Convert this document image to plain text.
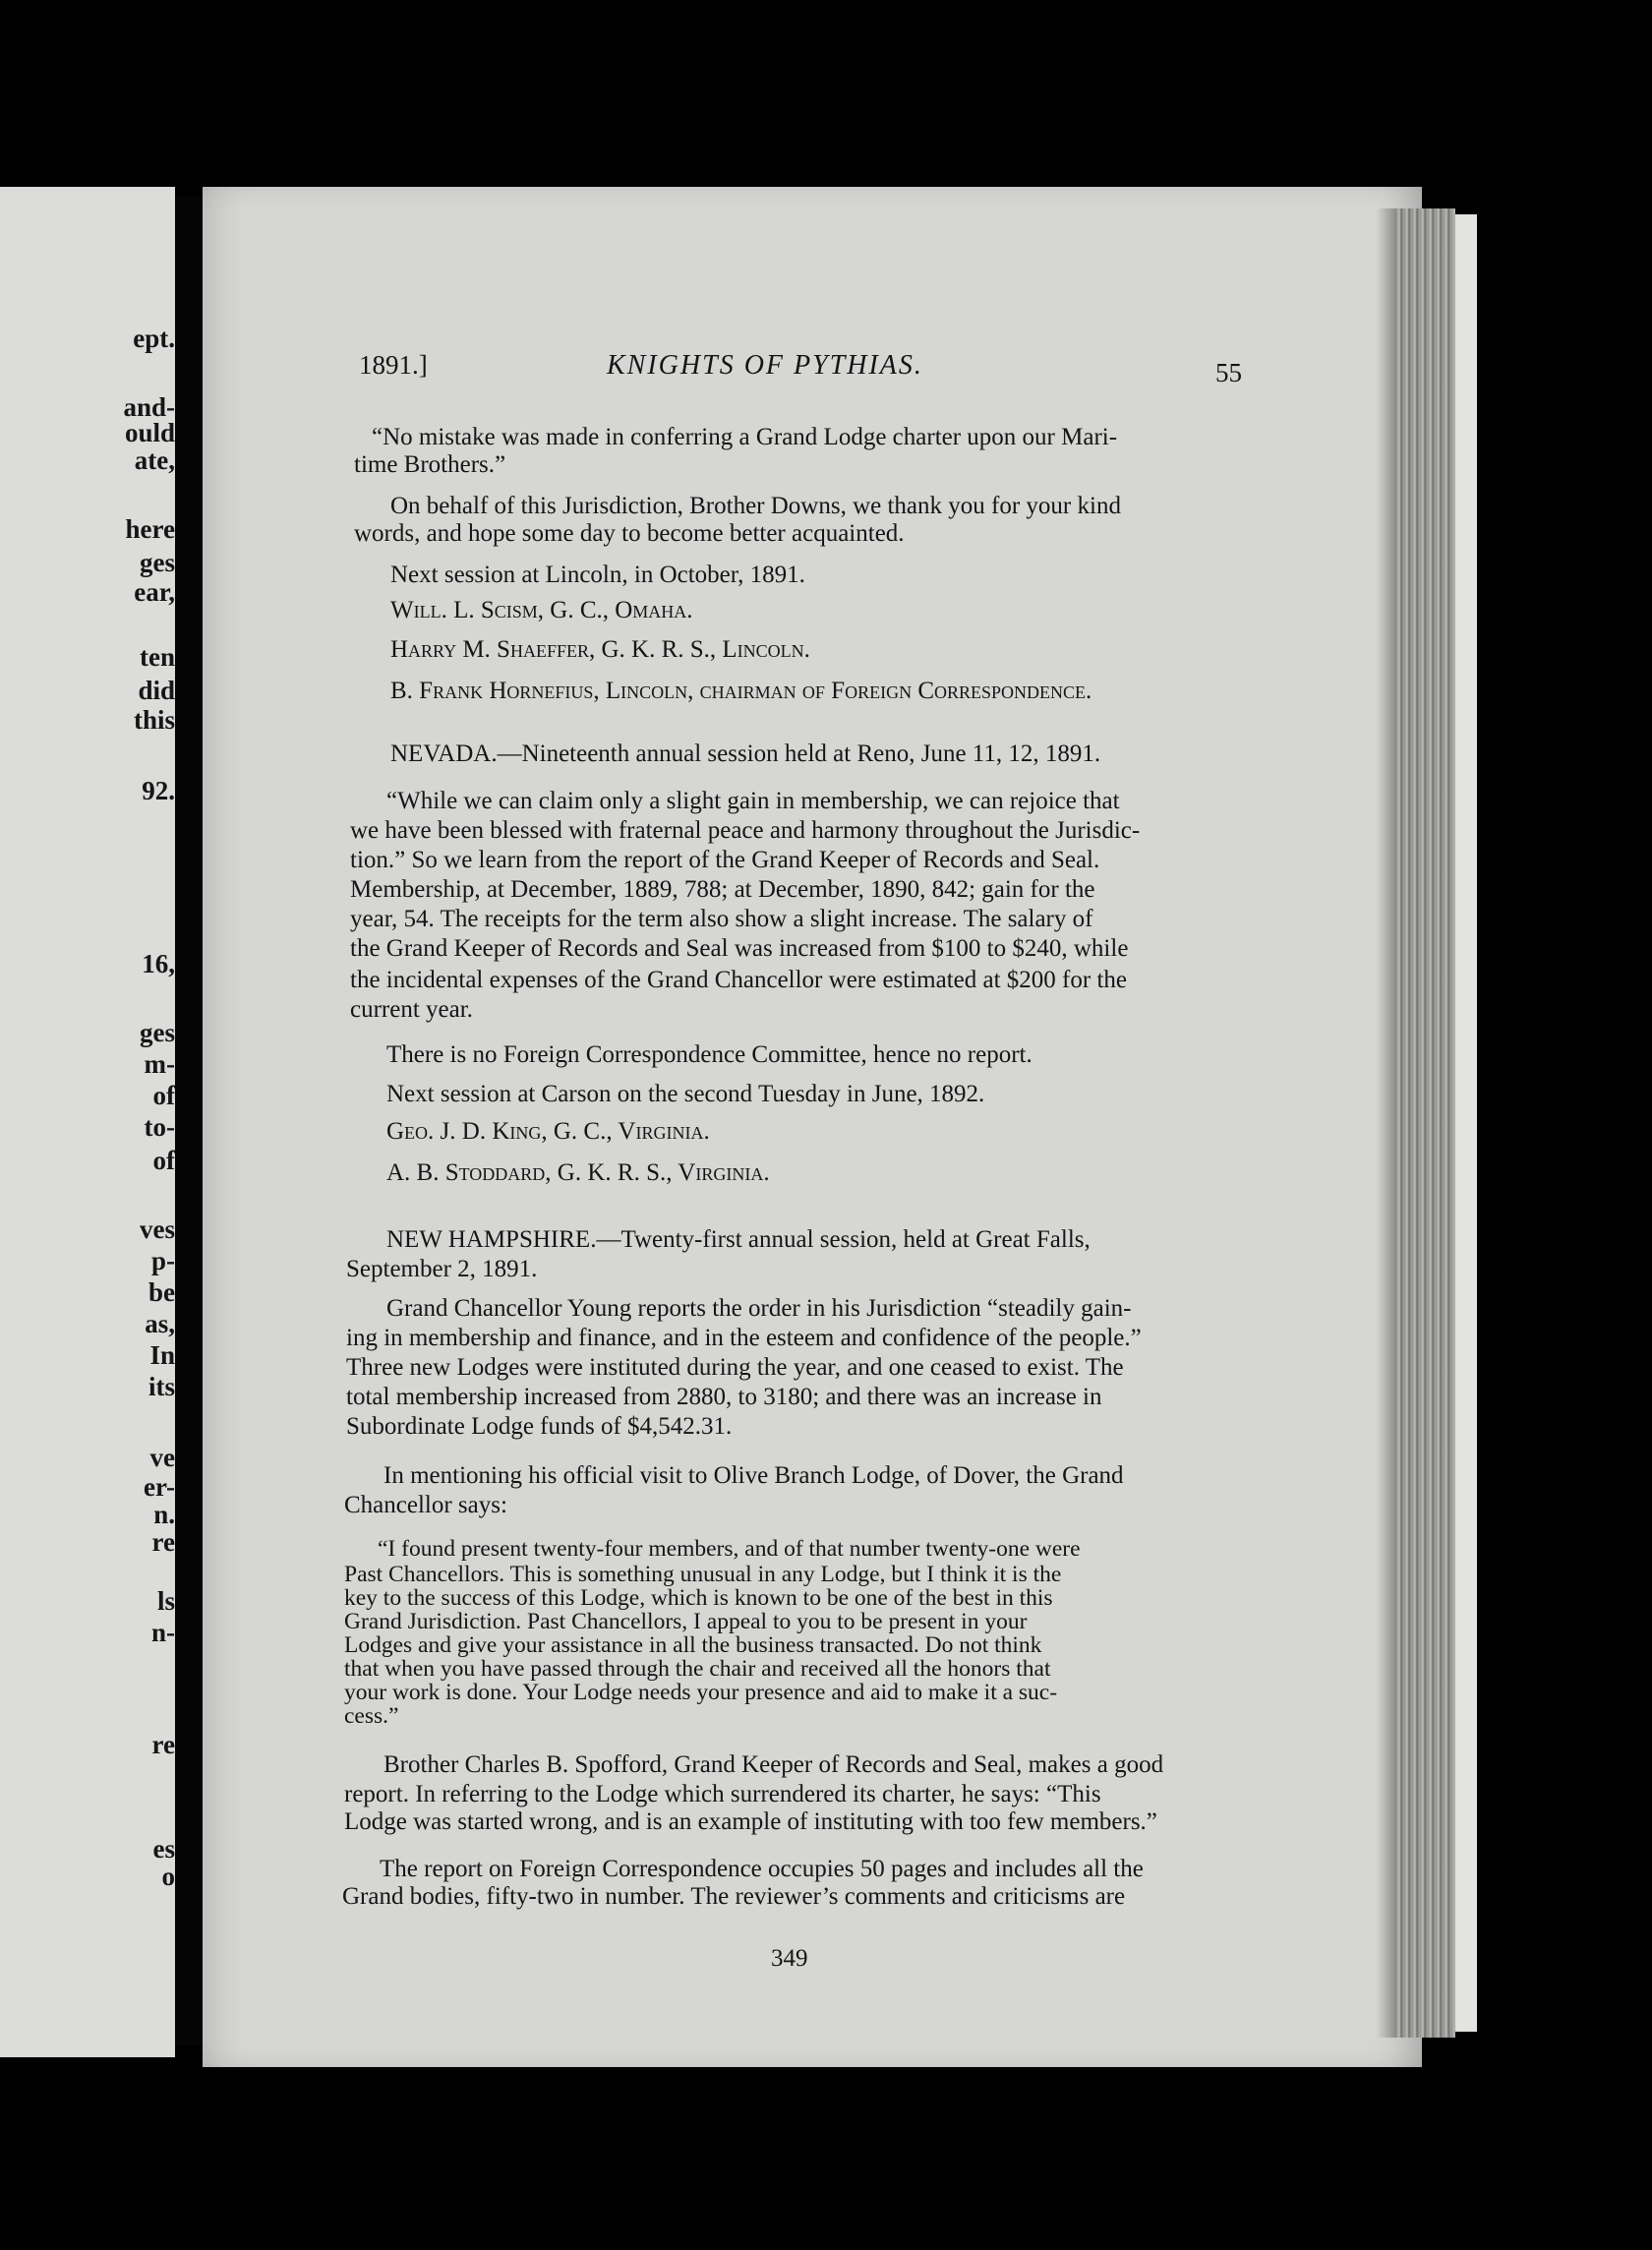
ept.
and-
ould
ate,
here
ges
ear,
ten
did
this
92.
16,
ges
m-
of
to-
of
ves
p-
be
as,
In
its
ve
er-
n.
re
ls
n-
re
es
o
1891.]	KNIGHTS OF PYTHIAS.	55
“No mistake was made in conferring a Grand Lodge charter upon our Mari-
time Brothers.”
On behalf of this Jurisdiction, Brother Downs, we thank you for your kind
words, and hope some day to become better acquainted.
Next session at Lincoln, in October, 1891.
Will. L. Scism, G. C., Omaha.
Harry M. Shaeffer, G. K. R. S., Lincoln.
B. Frank Hornefius, Lincoln, chairman of Foreign Correspondence.
NEVADA.—Nineteenth annual session held at Reno, June 11, 12, 1891.
“While we can claim only a slight gain in membership, we can rejoice that
we have been blessed with fraternal peace and harmony throughout the Jurisdic-
tion.” So we learn from the report of the Grand Keeper of Records and Seal.
Membership, at December, 1889, 788; at December, 1890, 842; gain for the
year, 54. The receipts for the term also show a slight increase. The salary of
the Grand Keeper of Records and Seal was increased from $100 to $240, while
the incidental expenses of the Grand Chancellor were estimated at $200 for the
current year.
There is no Foreign Correspondence Committee, hence no report.
Next session at Carson on the second Tuesday in June, 1892.
Geo. J. D. King, G. C., Virginia.
A. B. Stoddard, G. K. R. S., Virginia.
NEW HAMPSHIRE.—Twenty-first annual session, held at Great Falls,
September 2, 1891.
Grand Chancellor Young reports the order in his Jurisdiction “steadily gain-
ing in membership and finance, and in the esteem and confidence of the people.”
Three new Lodges were instituted during the year, and one ceased to exist. The
total membership increased from 2880, to 3180; and there was an increase in
Subordinate Lodge funds of $4,542.31.
In mentioning his official visit to Olive Branch Lodge, of Dover, the Grand
Chancellor says:
“I found present twenty-four members, and of that number twenty-one were
Past Chancellors. This is something unusual in any Lodge, but I think it is the
key to the success of this Lodge, which is known to be one of the best in this
Grand Jurisdiction. Past Chancellors, I appeal to you to be present in your
Lodges and give your assistance in all the business transacted. Do not think
that when you have passed through the chair and received all the honors that
your work is done. Your Lodge needs your presence and aid to make it a suc-
cess.”
Brother Charles B. Spofford, Grand Keeper of Records and Seal, makes a good
report. In referring to the Lodge which surrendered its charter, he says: “This
Lodge was started wrong, and is an example of instituting with too few members.”
The report on Foreign Correspondence occupies 50 pages and includes all the
Grand bodies, fifty-two in number. The reviewer’s comments and criticisms are
349
